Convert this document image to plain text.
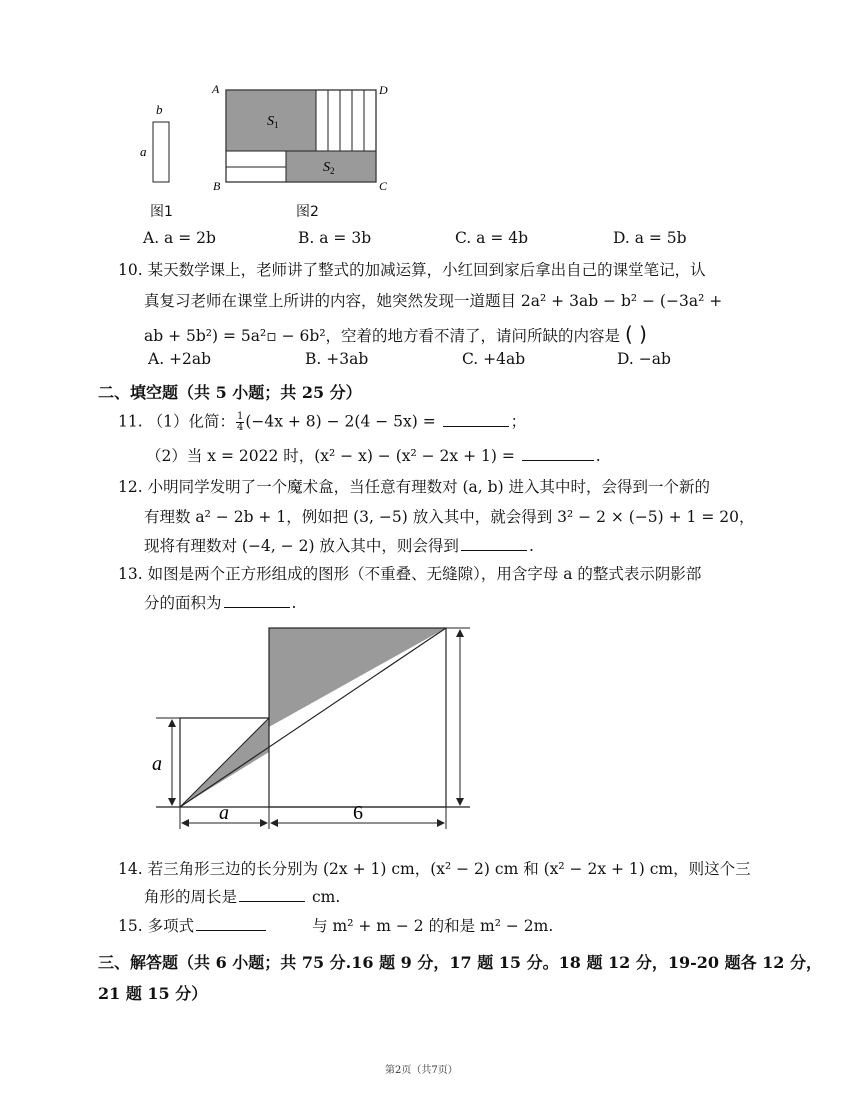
b
a
$S_1$
$S_2$
A	D
B	C
图1	图2
A. a = 2b	B. a = 3b	C. a = 4b	D. a = 5b
10. 某天数学课上，老师讲了整式的加减运算，小红回到家后拿出自己的课堂笔记，认
真复习老师在课堂上所讲的内容，她突然发现一道题目 2a² + 3ab − b² − (−3a² +
ab + 5b²) = 5a²▫ − 6b²，空着的地方看不清了，请问所缺的内容是 ( )
A. +2ab	B. +3ab	C. +4ab	D. −ab
二、填空题（共 5 小题；共 25 分）
11. （1）化简： $\frac{1}{4} (-4x + 8) - 2(4 - 5x)$ =	；
（2）当 x = 2022 时，(x² − x) − (x² − 2x + 1) =	.
12. 小明同学发明了一个魔术盒，当任意有理数对 (a, b) 进入其中时，会得到一个新的
有理数 a² − 2b + 1，例如把 (3, −5) 放入其中，就会得到 3² − 2 × (−5) + 1 = 20，
现将有理数对 (−4, − 2) 放入其中，则会得到	.
13. 如图是两个正方形组成的图形（不重叠、无缝隙），用含字母 a 的整式表示阴影部
分的面积为	.
a
a	6
14. 若三角形三边的长分别为 (2x + 1) cm，(x² − 2) cm 和 (x² − 2x + 1) cm，则这个三
角形的周长是	cm.
15. 多项式	与 m² + m − 2 的和是 m² − 2m.
三、解答题（共 6 小题；共 75 分.16 题 9 分，17 题 15 分。18 题 12 分，19-20 题各 12 分，
21 题 15 分）
第2页（共7页）
